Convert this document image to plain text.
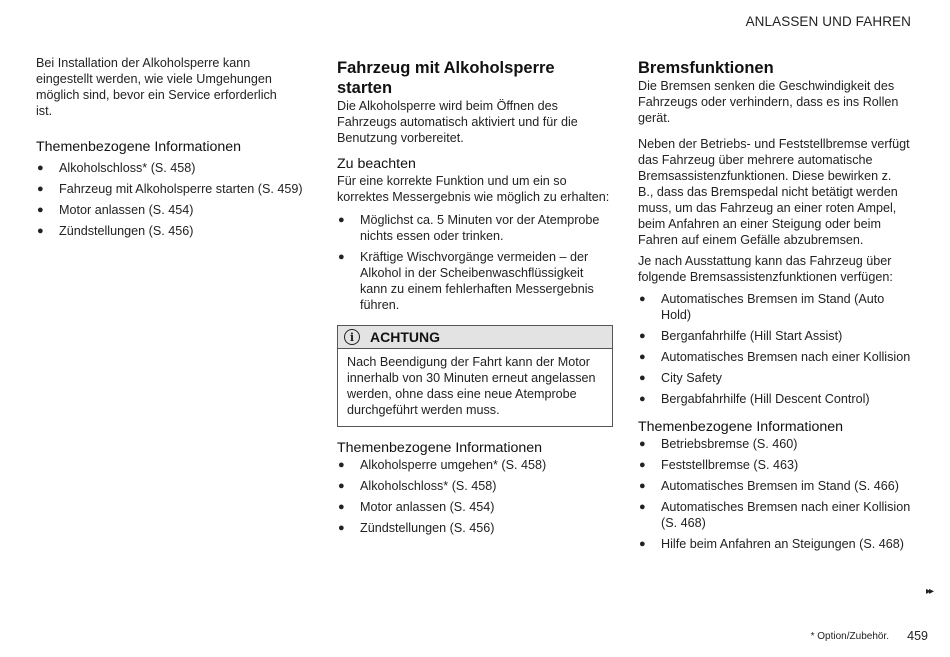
ANLASSEN UND FAHREN

Bei Installation der Alkoholsperre kann eingestellt werden, wie viele Umgehungen möglich sind, bevor ein Service erforderlich ist.

Themenbezogene Informationen
● Alkoholschloss* (S. 458)
● Fahrzeug mit Alkoholsperre starten (S. 459)
● Motor anlassen (S. 454)
● Zündstellungen (S. 456)
Fahrzeug mit Alkoholsperre starten

Die Alkoholsperre wird beim Öffnen des Fahrzeugs automatisch aktiviert und für die Benutzung vorbereitet.

Zu beachten

Für eine korrekte Funktion und um ein so korrektes Messergebnis wie möglich zu erhalten:

● Möglichst ca. 5 Minuten vor der Atemprobe nichts essen oder trinken.
● Kräftige Wischvorgänge vermeiden – der Alkohol in der Scheibenwaschflüssigkeit kann zu einem fehlerhaften Messergebnis führen.
i	ACHTUNG

Nach Beendigung der Fahrt kann der Motor innerhalb von 30 Minuten erneut angelassen werden, ohne dass eine neue Atemprobe durchgeführt werden muss.

Themenbezogene Informationen
● Alkoholsperre umgehen* (S. 458)
● Alkoholschloss* (S. 458)
● Motor anlassen (S. 454)
● Zündstellungen (S. 456)
Bremsfunktionen

Die Bremsen senken die Geschwindigkeit des Fahrzeugs oder verhindern, dass es ins Rollen gerät.

Neben der Betriebs- und Feststellbremse verfügt das Fahrzeug über mehrere automatische Bremsassistenzfunktionen. Diese bewirken z. B., dass das Bremspedal nicht betätigt werden muss, um das Fahrzeug an einer roten Ampel, beim Anfahren an einer Steigung oder beim Fahren auf einem Gefälle abzubremsen.

Je nach Ausstattung kann das Fahrzeug über folgende Bremsassistenzfunktionen verfügen:

● Automatisches Bremsen im Stand (Auto Hold)
● Berganfahrhilfe (Hill Start Assist)
● Automatisches Bremsen nach einer Kollision
● City Safety
● Bergabfahrhilfe (Hill Descent Control)
Themenbezogene Informationen
● Betriebsbremse (S. 460)
● Feststellbremse (S. 463)
● Automatisches Bremsen im Stand (S. 466)
● Automatisches Bremsen nach einer Kollision (S. 468)
● Hilfe beim Anfahren an Steigungen (S. 468)
▸▸
* Option/Zubehör. 459
